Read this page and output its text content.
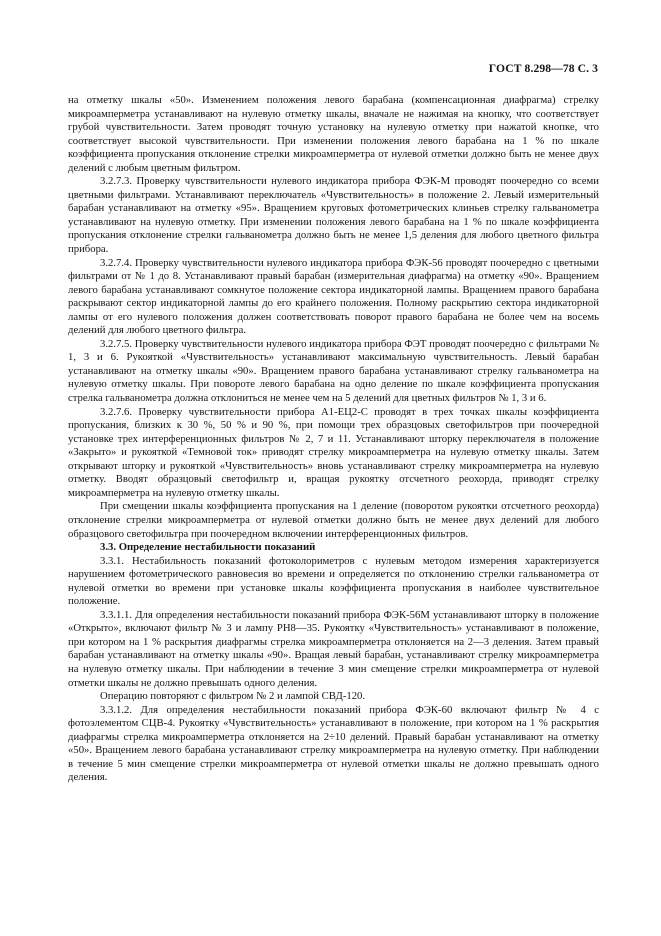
ГОСТ 8.298—78 С. 3

на отметку шкалы «50». Изменением положения левого барабана (компенсационная диафрагма) стрелку микроамперметра устанавливают на нулевую отметку шкалы, вначале не нажимая на кнопку, что соответствует грубой чувствительности. Затем проводят точную установку на нулевую отметку при нажатой кнопке, что соответствует высокой чувствительности. При изменении положения левого барабана на 1 % по шкале коэффициента пропускания отклонение стрелки микроамперметра от нулевой отметки должно быть не менее двух делений с любым цветным фильтром.

3.2.7.3. Проверку чувствительности нулевого индикатора прибора ФЭК-М проводят поочередно со всеми цветными фильтрами. Устанавливают переключатель «Чувствительность» в положение 2. Левый измерительный барабан устанавливают на отметку «95». Вращением круговых фотометрических клиньев стрелку гальванометра устанавливают на нулевую отметку. При изменении положения левого барабана на 1 % по шкале коэффициента пропускания отклонение стрелки гальванометра должно быть не менее 1,5 деления для любого цветного фильтра прибора.

3.2.7.4. Проверку чувствительности нулевого индикатора прибора ФЭК-56 проводят поочередно с цветными фильтрами от № 1 до 8. Устанавливают правый барабан (измерительная диафрагма) на отметку «90». Вращением левого барабана устанавливают сомкнутое положение сектора индикаторной лампы. Вращением правого барабана раскрывают сектор индикаторной лампы до его крайнего положения. Полному раскрытию сектора индикаторной лампы от его нулевого положения должен соответствовать поворот правого барабана не более чем на восемь делений для любого цветного фильтра.

3.2.7.5. Проверку чувствительности нулевого индикатора прибора ФЭТ проводят поочередно с фильтрами № 1, 3 и 6. Рукояткой «Чувствительность» устанавливают максимальную чувствительность. Левый барабан устанавливают на отметку шкалы «90». Вращением правого барабана устанавливают стрелку гальванометра на нулевую отметку шкалы. При повороте левого барабана на одно деление по шкале коэффициента пропускания стрелка гальванометра должна отклониться не менее чем на 5 делений для цветных фильтров № 1, 3 и 6.

3.2.7.6. Проверку чувствительности прибора А1-ЕЦ2-С проводят в трех точках шкалы коэффициента пропускания, близких к 30 %, 50 % и 90 %, при помощи трех образцовых светофильтров при поочередной установке трех интерференционных фильтров № 2, 7 и 11. Устанавливают шторку переключателя в положение «Закрыто» и рукояткой «Темновой ток» приводят стрелку микроамперметра на нулевую отметку шкалы. Затем открывают шторку и рукояткой «Чувствительность» вновь устанавливают стрелку микроамперметра на нулевую отметку. Вводят образцовый светофильтр и, вращая рукоятку отсчетного реохорда, приводят стрелку микроамперметра на нулевую отметку шкалы.

При смещении шкалы коэффициента пропускания на 1 деление (поворотом рукоятки отсчетного реохорда) отклонение стрелки микроамперметра от нулевой отметки должно быть не менее двух делений для любого образцового светофильтра при поочередном включении интерференционных фильтров.

3.3. Определение нестабильности показаний

3.3.1. Нестабильность показаний фотоколориметров с нулевым методом измерения характеризуется нарушением фотометрического равновесия во времени и определяется по отклонению стрелки гальванометра от нулевой отметки во времени при установке шкалы коэффициента пропускания в наиболее чувствительное положение.

3.3.1.1. Для определения нестабильности показаний прибора ФЭК-56М устанавливают шторку в положение «Открыто», включают фильтр № 3 и лампу РН8—35. Рукоятку «Чувствительность» устанавливают в положение, при котором на 1 % раскрытия диафрагмы стрелка микроамперметра отклоняется на 2—3 деления. Затем правый барабан устанавливают на отметку шкалы «90». Вращая левый барабан, устанавливают стрелку микроамперметра на нулевую отметку шкалы. При наблюдении в течение 3 мин смещение стрелки микроамперметра от нулевой отметки шкалы не должно превышать одного деления.

Операцию повторяют с фильтром № 2 и лампой СВД-120.

3.3.1.2. Для определения нестабильности показаний прибора ФЭК-60 включают фильтр № 4 с фотоэлементом СЦВ-4. Рукоятку «Чувствительность» устанавливают в положение, при котором на 1 % раскрытия диафрагмы стрелка микроамперметра отклоняется на 2÷10 делений. Правый барабан устанавливают на отметку «50». Вращением левого барабана устанавливают стрелку микроамперметра на нулевую отметку. При наблюдении в течение 5 мин смещение стрелки микроамперметра от нулевой отметки шкалы не должно превышать одного деления.
